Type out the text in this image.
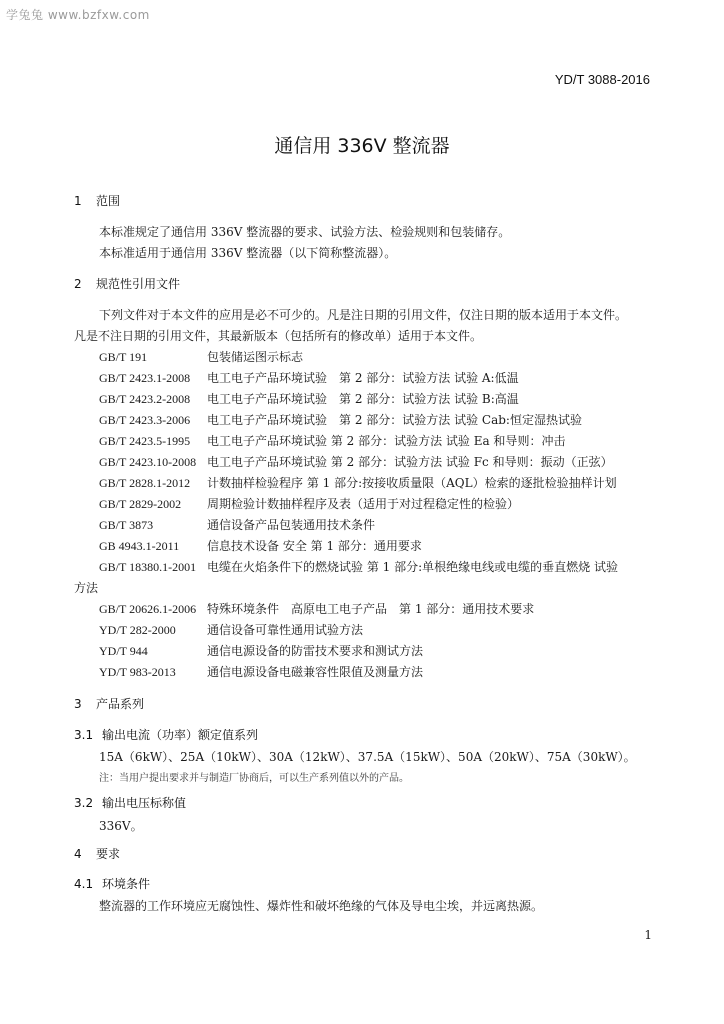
学兔兔 www.bzfxw.com
YD/T 3088-2016
通信用 336V 整流器
1 范围
本标准规定了通信用 336V 整流器的要求、试验方法、检验规则和包装储存。
本标准适用于通信用 336V 整流器（以下简称整流器）。
2 规范性引用文件
下列文件对于本文件的应用是必不可少的。凡是注日期的引用文件，仅注日期的版本适用于本文件。
凡是不注日期的引用文件，其最新版本（包括所有的修改单）适用于本文件。
GB/T 191	包装储运图示标志
GB/T 2423.1-2008 电工电子产品环境试验　第 2 部分：试验方法 试验 A:低温
GB/T 2423.2-2008 电工电子产品环境试验　第 2 部分：试验方法 试验 B:高温
GB/T 2423.3-2006 电工电子产品环境试验　第 2 部分：试验方法 试验 Cab:恒定湿热试验
GB/T 2423.5-1995 电工电子产品环境试验 第 2 部分：试验方法 试验 Ea 和导则：冲击
GB/T 2423.10-2008 电工电子产品环境试验 第 2 部分：试验方法 试验 Fc 和导则：振动（正弦）
GB/T 2828.1-2012 计数抽样检验程序 第 1 部分:按接收质量限（AQL）检索的逐批检验抽样计划
GB/T 2829-2002 周期检验计数抽样程序及表（适用于对过程稳定性的检验）
GB/T 3873	通信设备产品包装通用技术条件
GB 4943.1-2011 信息技术设备 安全 第 1 部分：通用要求
GB/T 18380.1-2001 电缆在火焰条件下的燃烧试验 第 1 部分:单根绝缘电线或电缆的垂直燃烧 试验
方法
GB/T 20626.1-2006 特殊环境条件　高原电工电子产品　第 1 部分：通用技术要求
YD/T 282-2000	通信设备可靠性通用试验方法
YD/T 944	通信电源设备的防雷技术要求和测试方法
YD/T 983-2013	通信电源设备电磁兼容性限值及测量方法
3 产品系列
3.1 输出电流（功率）额定值系列
15A（6kW）、25A（10kW）、30A（12kW）、37.5A（15kW）、50A（20kW）、75A（30kW）。
注：当用户提出要求并与制造厂协商后，可以生产系列值以外的产品。
3.2 输出电压标称值
336V。
4 要求
4.1 环境条件
整流器的工作环境应无腐蚀性、爆炸性和破坏绝缘的气体及导电尘埃，并远离热源。
1
